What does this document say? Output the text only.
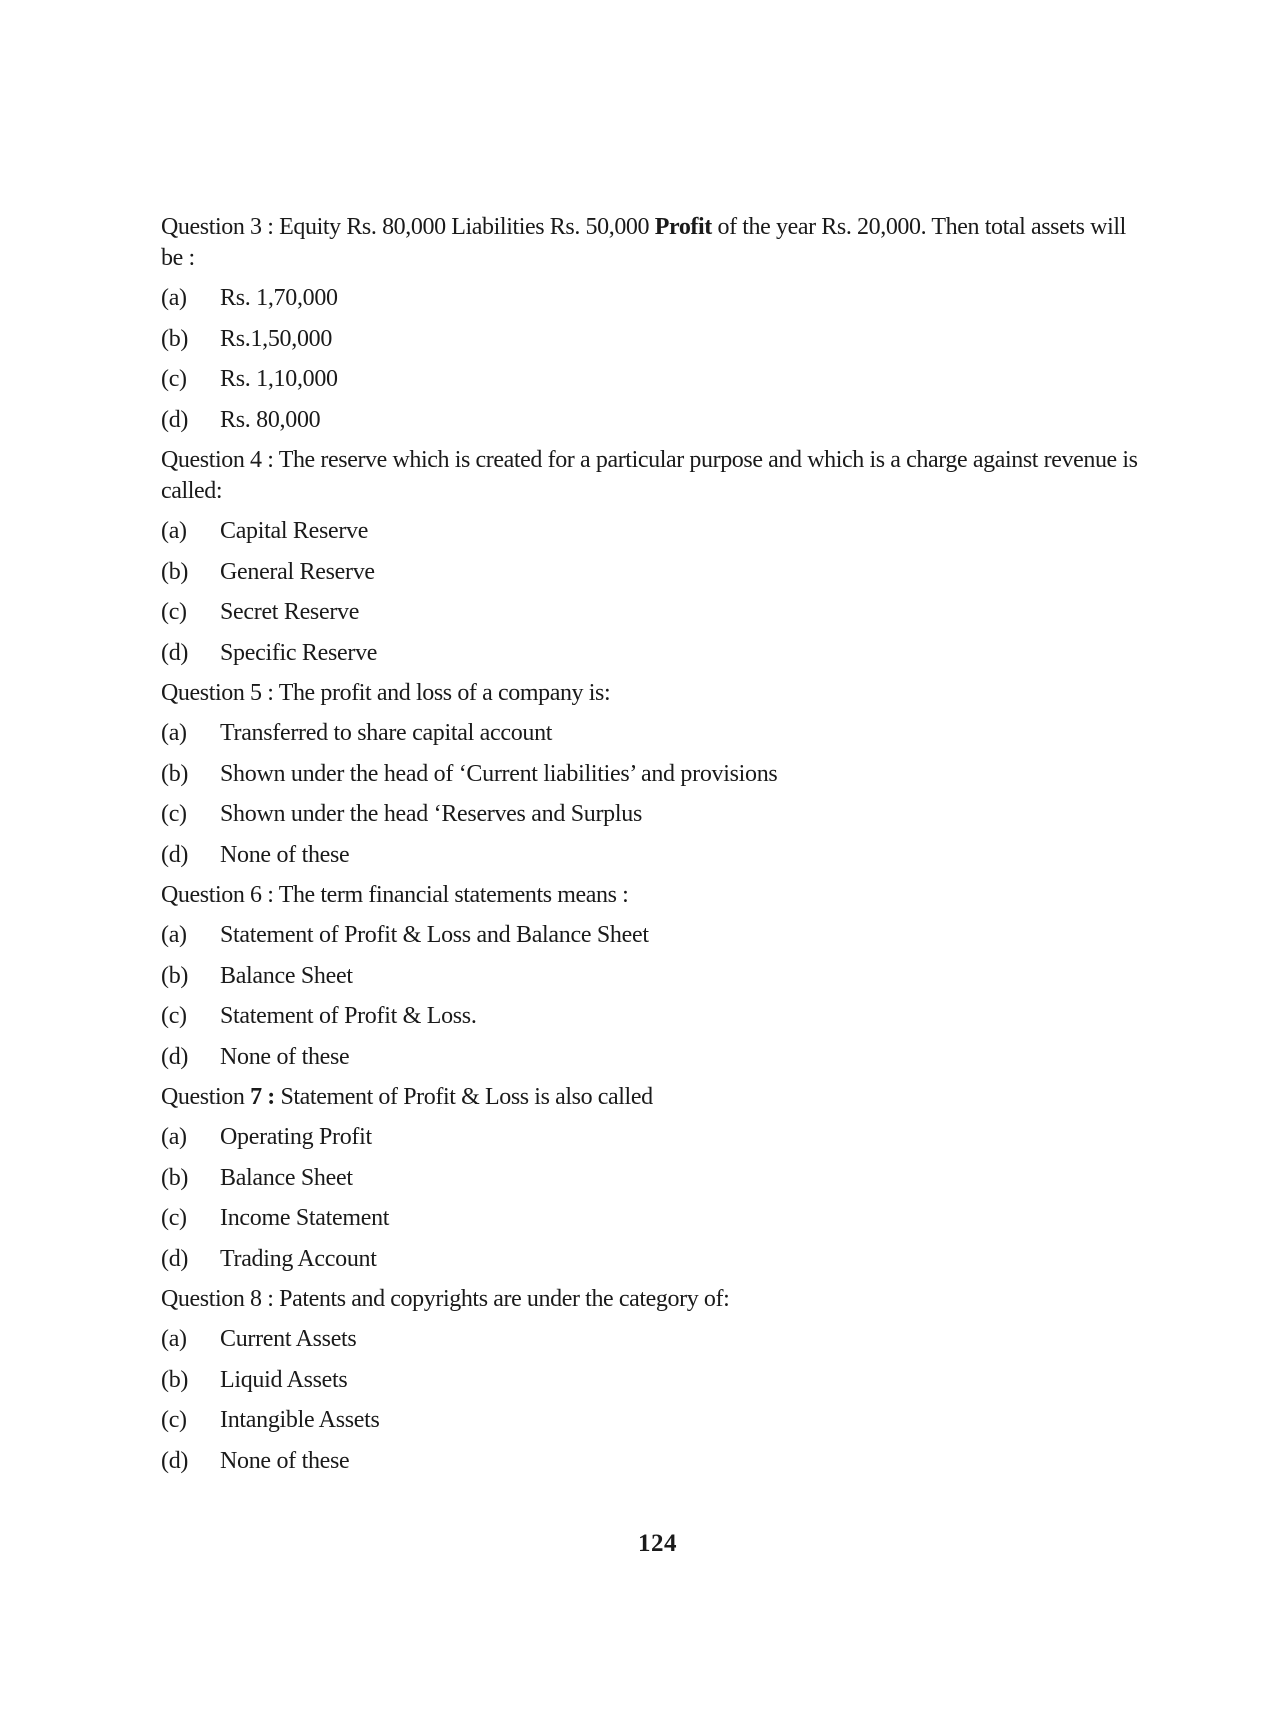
Question 3 : Equity Rs. 80,000 Liabilities Rs. 50,000 Profit of the year Rs. 20,000. Then total assets will be :

(a)	Rs. 1,70,000
(b)	Rs.1,50,000
(c)	Rs. 1,10,000
(d)	Rs. 80,000

Question 4 : The reserve which is created for a particular purpose and which is a charge against revenue is called:

(a)	Capital Reserve
(b)	General Reserve
(c)	Secret Reserve
(d)	Specific Reserve

Question 5 : The profit and loss of a company is:

(a)	Transferred to share capital account
(b)	Shown under the head of ‘Current liabilities’ and provisions
(c)	Shown under the head ‘Reserves and Surplus
(d)	None of these

Question 6 : The term financial statements means :

(a)	Statement of Profit & Loss and Balance Sheet
(b)	Balance Sheet
(c)	Statement of Profit & Loss.
(d)	None of these

Question 7 : Statement of Profit & Loss is also called

(a)	Operating Profit
(b)	Balance Sheet
(c)	Income Statement
(d)	Trading Account

Question 8 : Patents and copyrights are under the category of:

(a)	Current Assets
(b)	Liquid Assets
(c)	Intangible Assets
(d)	None of these
124
